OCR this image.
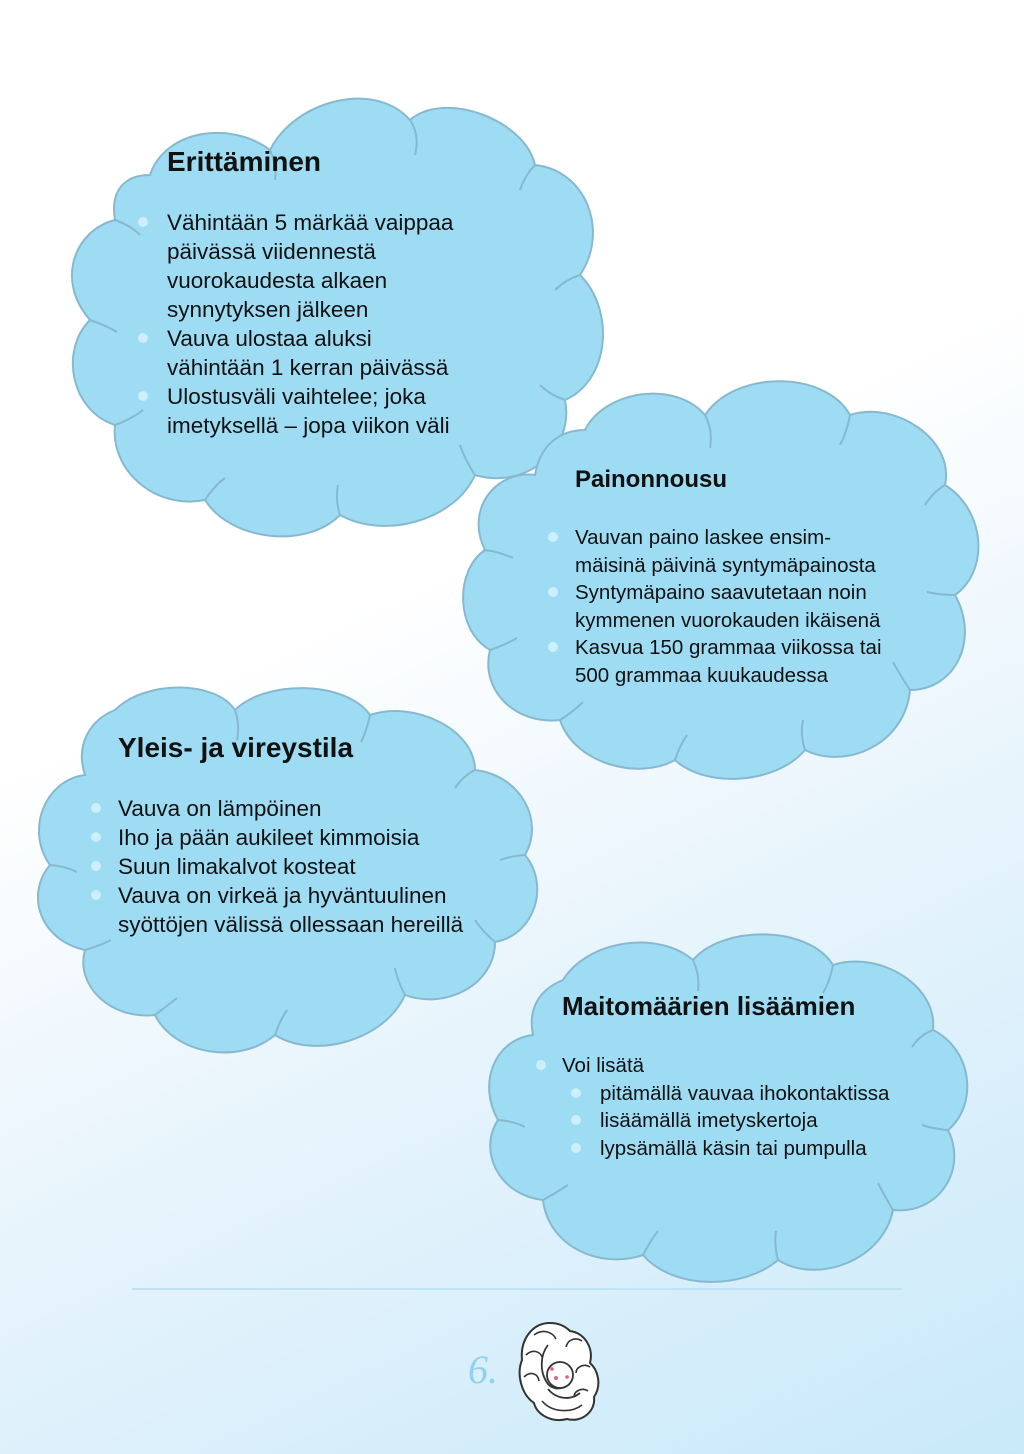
Erittäminen
Vähintään 5 märkää vaippaa
päivässä viidennestä
vuorokaudesta alkaen
synnytyksen jälkeen
Vauva ulostaa aluksi
vähintään 1 kerran päivässä
Ulostusväli vaihtelee; joka
imetyksellä – jopa viikon väli
Painonnousu
Vauvan paino laskee ensim-
mäisinä päivinä syntymäpainosta
Syntymäpaino saavutetaan noin
kymmenen vuorokauden ikäisenä
Kasvua 150 grammaa viikossa tai
500 grammaa kuukaudessa
Yleis- ja vireystila
Vauva on lämpöinen
Iho ja pään aukileet kimmoisia
Suun limakalvot kosteat
Vauva on virkeä ja hyväntuulinen
syöttöjen välissä ollessaan hereillä
Maitomäärien lisäämien
Voi lisätä
pitämällä vauvaa ihokontaktissa
lisäämällä imetyskertoja
lypsämällä käsin tai pumpulla
6.
